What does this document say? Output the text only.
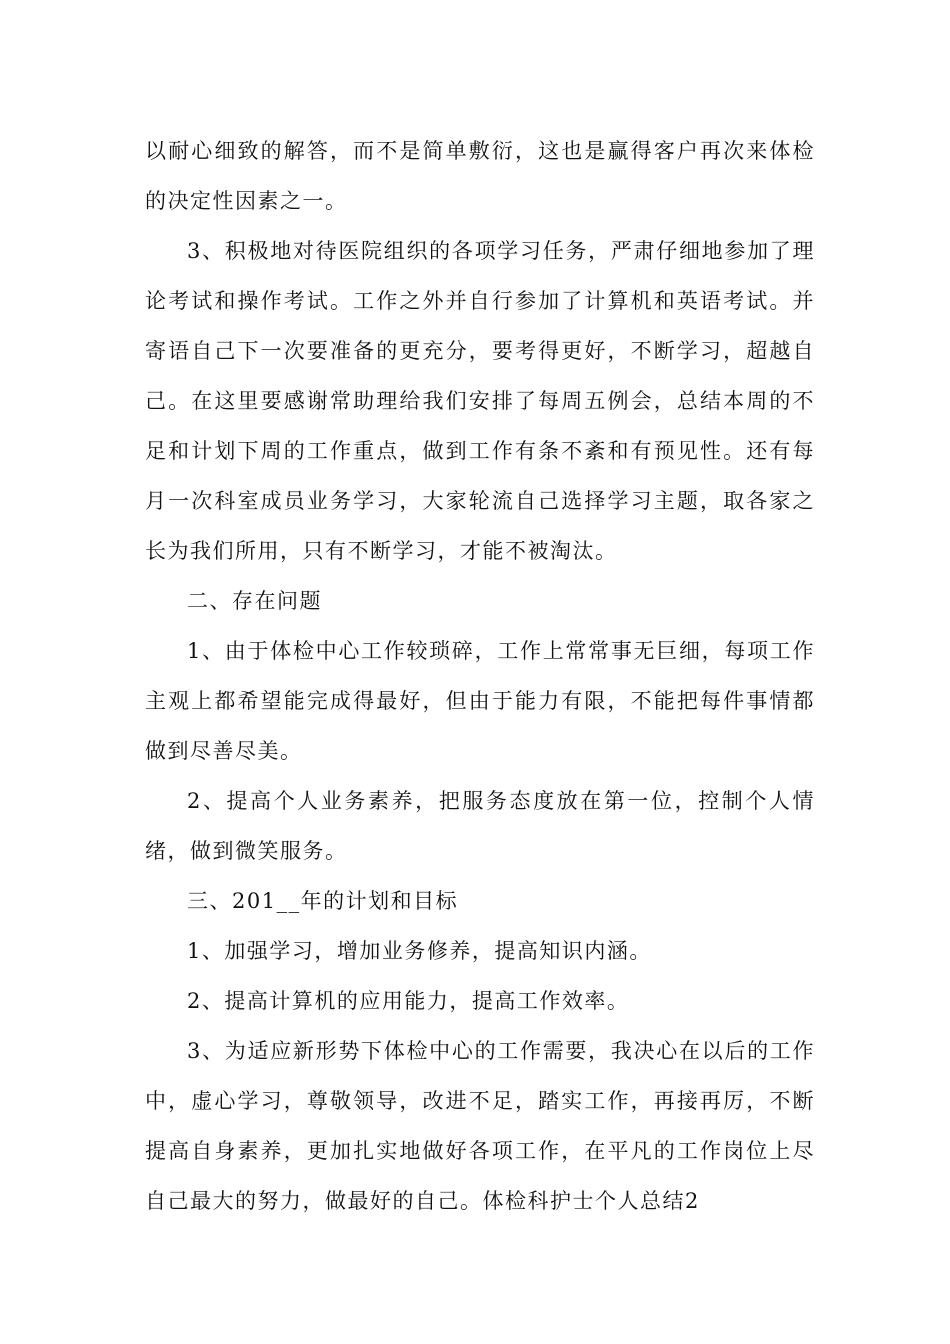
以耐心细致的解答，而不是简单敷衍，这也是赢得客户再次来体检的决定性因素之一。

3、积极地对待医院组织的各项学习任务，严肃仔细地参加了理论考试和操作考试。工作之外并自行参加了计算机和英语考试。并寄语自己下一次要准备的更充分，要考得更好，不断学习，超越自己。在这里要感谢常助理给我们安排了每周五例会，总结本周的不足和计划下周的工作重点，做到工作有条不紊和有预见性。还有每月一次科室成员业务学习，大家轮流自己选择学习主题，取各家之长为我们所用，只有不断学习，才能不被淘汰。

二、存在问题

1、由于体检中心工作较琐碎，工作上常常事无巨细，每项工作主观上都希望能完成得最好，但由于能力有限，不能把每件事情都做到尽善尽美。

2、提高个人业务素养，把服务态度放在第一位，控制个人情绪，做到微笑服务。

三、201__年的计划和目标

1、加强学习，增加业务修养，提高知识内涵。

2、提高计算机的应用能力，提高工作效率。

3、为适应新形势下体检中心的工作需要，我决心在以后的工作中，虚心学习，尊敬领导，改进不足，踏实工作，再接再厉，不断提高自身素养，更加扎实地做好各项工作，在平凡的工作岗位上尽自己最大的努力，做最好的自己。体检科护士个人总结2
